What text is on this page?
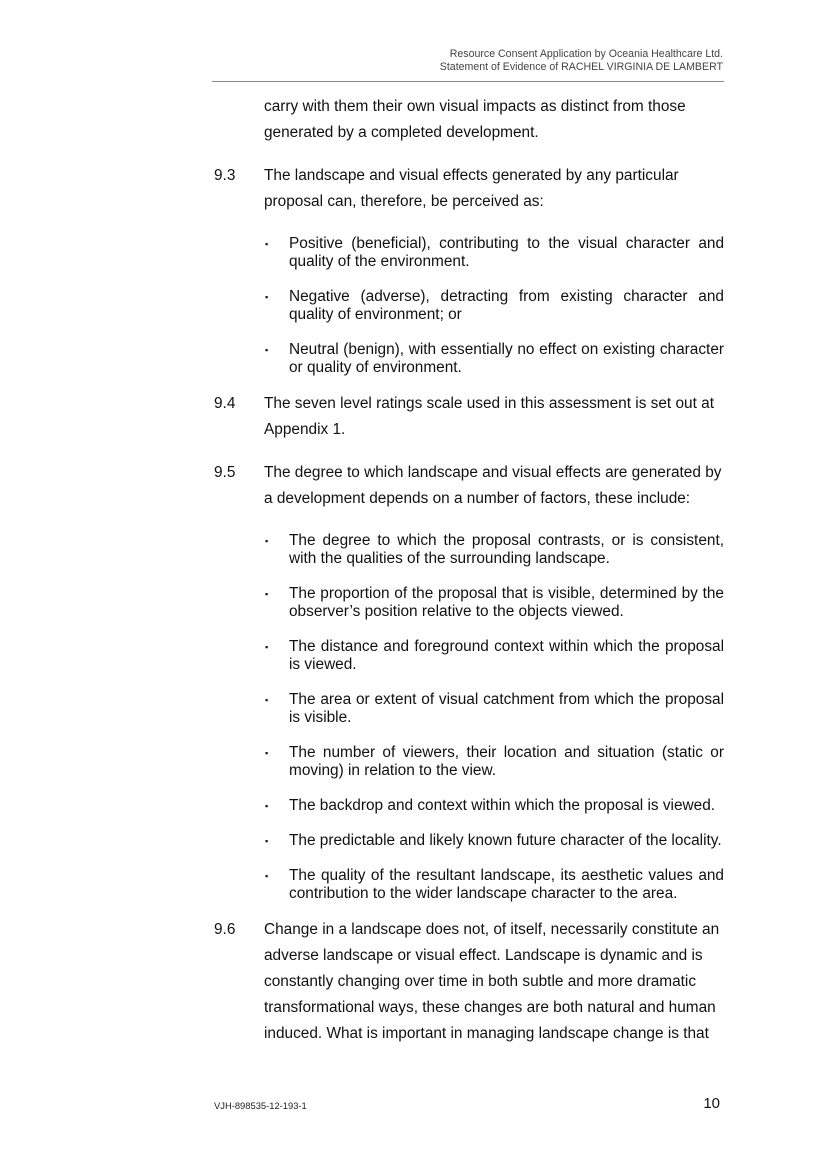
Resource Consent Application by Oceania Healthcare Ltd.
Statement of Evidence of RACHEL VIRGINIA DE LAMBERT
carry with them their own visual impacts as distinct from those generated by a completed development.
9.3 The landscape and visual effects generated by any particular proposal can, therefore, be perceived as:
▪ Positive (beneficial), contributing to the visual character and quality of the environment.
▪ Negative (adverse), detracting from existing character and quality of environment; or
▪ Neutral (benign), with essentially no effect on existing character or quality of environment.
9.4 The seven level ratings scale used in this assessment is set out at Appendix 1.
9.5 The degree to which landscape and visual effects are generated by a development depends on a number of factors, these include:
▪ The degree to which the proposal contrasts, or is consistent, with the qualities of the surrounding landscape.
▪ The proportion of the proposal that is visible, determined by the observer’s position relative to the objects viewed.
▪ The distance and foreground context within which the proposal is viewed.
▪ The area or extent of visual catchment from which the proposal is visible.
▪ The number of viewers, their location and situation (static or moving) in relation to the view.
▪ The backdrop and context within which the proposal is viewed.
▪ The predictable and likely known future character of the locality.
▪ The quality of the resultant landscape, its aesthetic values and contribution to the wider landscape character to the area.
9.6 Change in a landscape does not, of itself, necessarily constitute an adverse landscape or visual effect. Landscape is dynamic and is constantly changing over time in both subtle and more dramatic transformational ways, these changes are both natural and human induced. What is important in managing landscape change is that
VJH-898535-12-193-1	10
